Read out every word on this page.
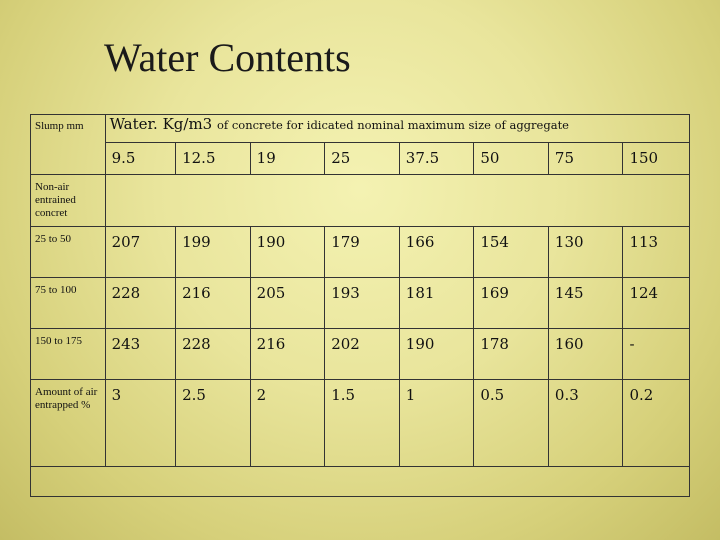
Water Contents
Slump mm	Water. Kg/m3 of concrete for idicated nominal maximum size of aggregate							
	9.5	12.5	19	25	37.5	50	75	150
Non-air entrained concret								
25 to 50	207	199	190	179	166	154	130	113
75 to 100	228	216	205	193	181	169	145	124
150 to 175	243	228	216	202	190	178	160	-
Amount of air entrapped %	3	2.5	2	1.5	1	0.5	0.3	0.2
